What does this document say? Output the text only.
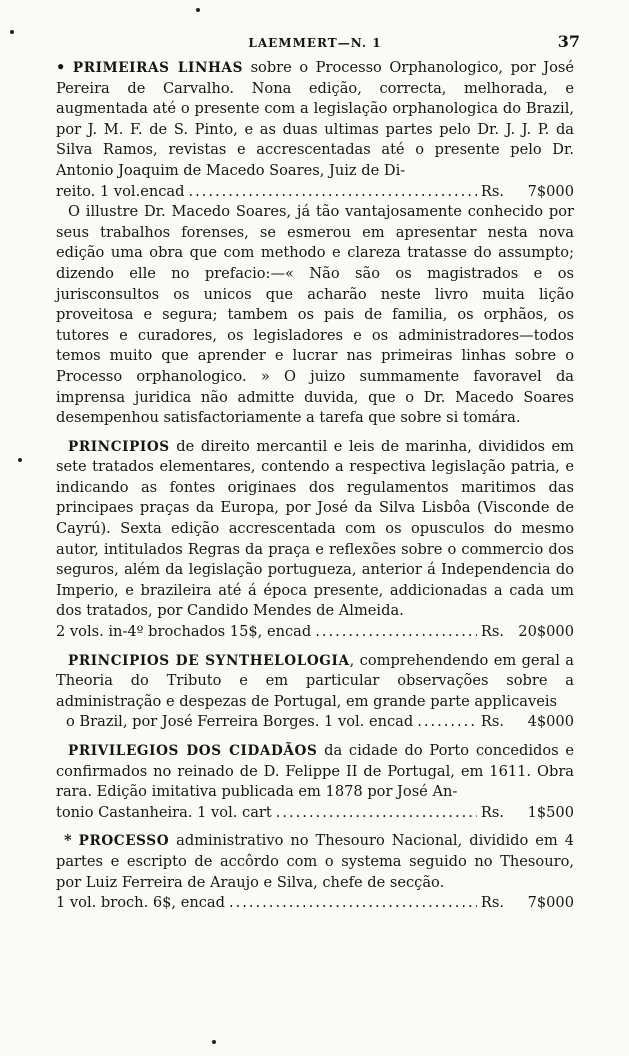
LAEMMERT—N. 1	37

• PRIMEIRAS LINHAS sobre o Processo Orphanologico, por José Pereira de Carvalho. Nona edição, correcta, melhorada, e augmentada até o presente com a legislação orphanologica do Brazil, por J. M. F. de S. Pinto, e as duas ultimas partes pelo Dr. J. J. P. da Silva Ramos, revistas e accrescentadas até o presente pelo Dr. Antonio Joaquim de Macedo Soares, Juiz de Di-

reito. 1 vol.encad .....	Rs.	7$000

O illustre Dr. Macedo Soares, já tão vantajosamente conhecido por seus trabalhos forenses, se esmerou em apresentar nesta nova edição uma obra que com methodo e clareza tratasse do assumpto; dizendo elle no prefacio:—« Não são os magistrados e os jurisconsultos os unicos que acharão neste livro muita lição proveitosa e segura; tambem os pais de familia, os orphãos, os tutores e curadores, os legisladores e os administradores—todos temos muito que aprender e lucrar nas primeiras linhas sobre o Processo orphanologico. » O juizo summamente favoravel da imprensa juridica não admitte duvida, que o Dr. Macedo Soares desempenhou satisfactoriamente a tarefa que sobre si tomára.

PRINCIPIOS de direito mercantil e leis de marinha, divididos em sete tratados elementares, contendo a respectiva legislação patria, e indicando as fontes originaes dos regulamentos maritimos das principaes praças da Europa, por José da Silva Lisbôa (Visconde de Cayrú). Sexta edição accrescentada com os opusculos do mesmo autor, intitulados Regras da praça e reflexões sobre o commercio dos seguros, além da legislação portugueza, anterior á Independencia do Imperio, e brazileira até á época presente, addicionadas a cada um dos tratados, por Candido Mendes de Almeida.

2 vols. in-4º brochados 15$, encad .....	Rs. 20$000

PRINCIPIOS DE SYNTHELOLOGIA, comprehendendo em geral a Theoria do Tributo e em particular observações sobre a administração e despezas de Portugal, em grande parte applicaveis

o Brazil, por José Ferreira Borges. 1 vol. encad .....	Rs.	4$000

PRIVILEGIOS DOS CIDADÃOS da cidade do Porto concedidos e confirmados no reinado de D. Felippe II de Portugal, em 1611. Obra rara. Edição imitativa publicada em 1878 por José An-

tonio Castanheira. 1 vol. cart .....	Rs.	1$500

* PROCESSO administrativo no Thesouro Nacional, dividido em 4 partes e escripto de accôrdo com o systema seguido no Thesouro, por Luiz Ferreira de Araujo e Silva, chefe de secção.

1 vol. broch. 6$, encad .....	Rs.	7$000
